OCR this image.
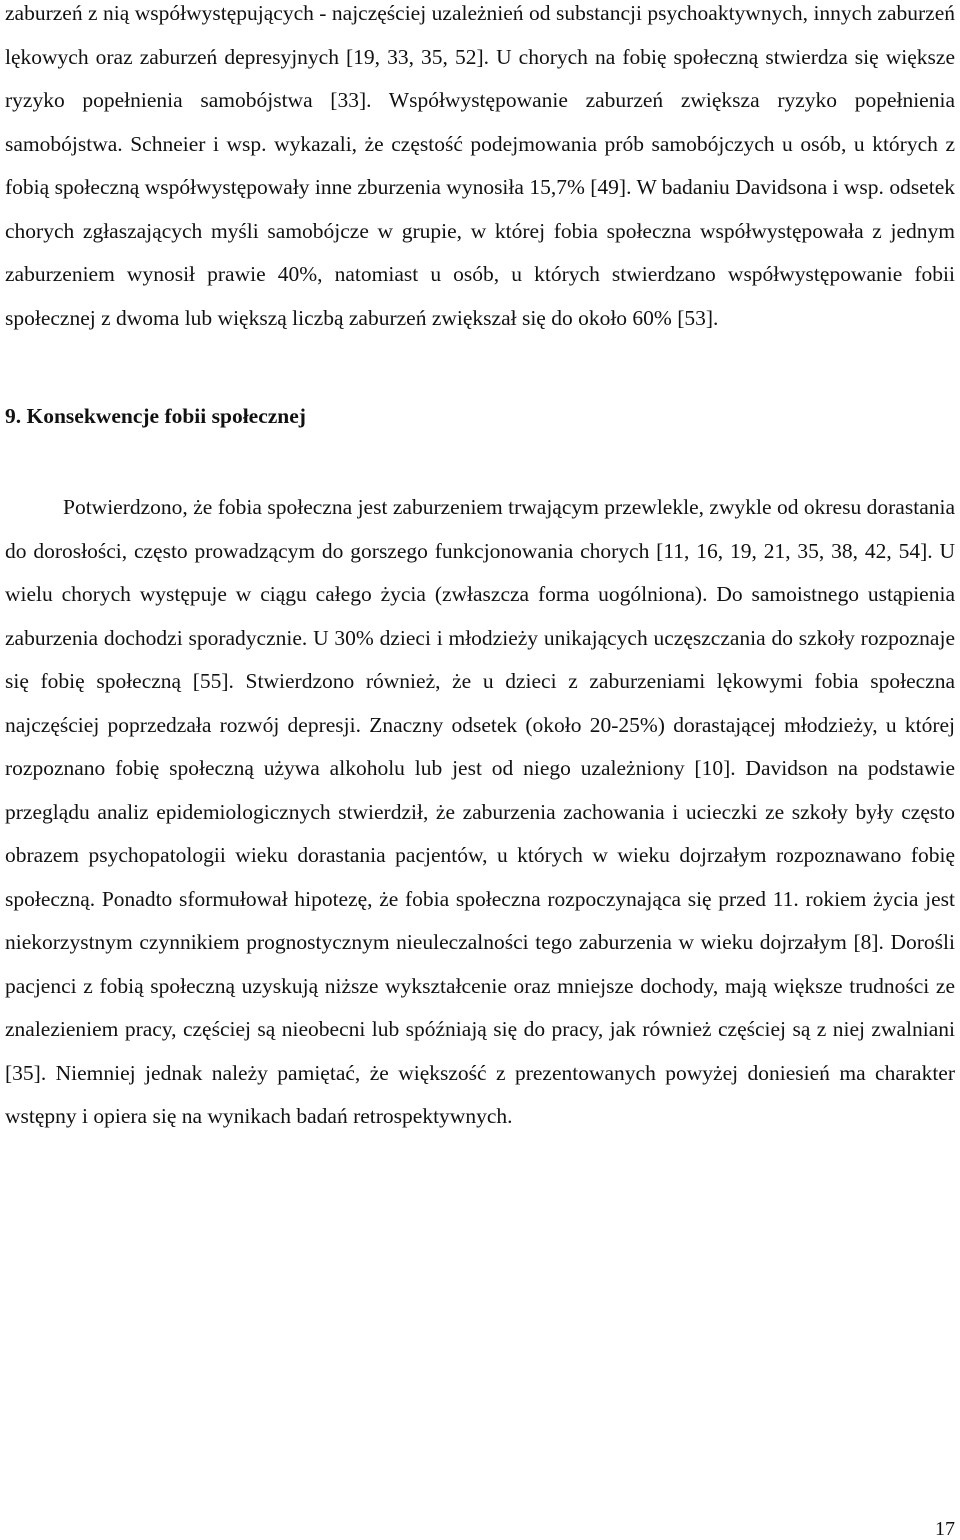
zaburzeń z nią współwystępujących - najczęściej uzależnień od substancji psychoaktywnych, innych zaburzeń lękowych oraz zaburzeń depresyjnych [19, 33, 35, 52]. U chorych na fobię społeczną stwierdza się większe ryzyko popełnienia samobójstwa [33]. Współwystępowanie zaburzeń zwiększa ryzyko popełnienia samobójstwa. Schneier i wsp. wykazali, że częstość podejmowania prób samobójczych u osób, u których z fobią społeczną współwystępowały inne zburzenia wynosiła 15,7% [49]. W badaniu Davidsona i wsp. odsetek chorych zgłaszających myśli samobójcze w grupie, w której fobia społeczna współwystępowała z jednym zaburzeniem wynosił prawie 40%, natomiast u osób, u których stwierdzano współwystępowanie fobii społecznej z dwoma lub większą liczbą zaburzeń zwiększał się do około 60% [53].

9. Konsekwencje fobii społecznej

Potwierdzono, że fobia społeczna jest zaburzeniem trwającym przewlekle, zwykle od okresu dorastania do dorosłości, często prowadzącym do gorszego funkcjonowania chorych [11, 16, 19, 21, 35, 38, 42, 54]. U wielu chorych występuje w ciągu całego życia (zwłaszcza forma uogólniona). Do samoistnego ustąpienia zaburzenia dochodzi sporadycznie. U 30% dzieci i młodzieży unikających uczęszczania do szkoły rozpoznaje się fobię społeczną [55]. Stwierdzono również, że u dzieci z zaburzeniami lękowymi fobia społeczna najczęściej poprzedzała rozwój depresji. Znaczny odsetek (około 20-25%) dorastającej młodzieży, u której rozpoznano fobię społeczną używa alkoholu lub jest od niego uzależniony [10]. Davidson na podstawie przeglądu analiz epidemiologicznych stwierdził, że zaburzenia zachowania i ucieczki ze szkoły były często obrazem psychopatologii wieku dorastania pacjentów, u których w wieku dojrzałym rozpoznawano fobię społeczną. Ponadto sformułował hipotezę, że fobia społeczna rozpoczynająca się przed 11. rokiem życia jest niekorzystnym czynnikiem prognostycznym nieuleczalności tego zaburzenia w wieku dojrzałym [8]. Dorośli pacjenci z fobią społeczną uzyskują niższe wykształcenie oraz mniejsze dochody, mają większe trudności ze znalezieniem pracy, częściej są nieobecni lub spóźniają się do pracy, jak również częściej są z niej zwalniani [35]. Niemniej jednak należy pamiętać, że większość z prezentowanych powyżej doniesień ma charakter wstępny i opiera się na wynikach badań retrospektywnych.

17
